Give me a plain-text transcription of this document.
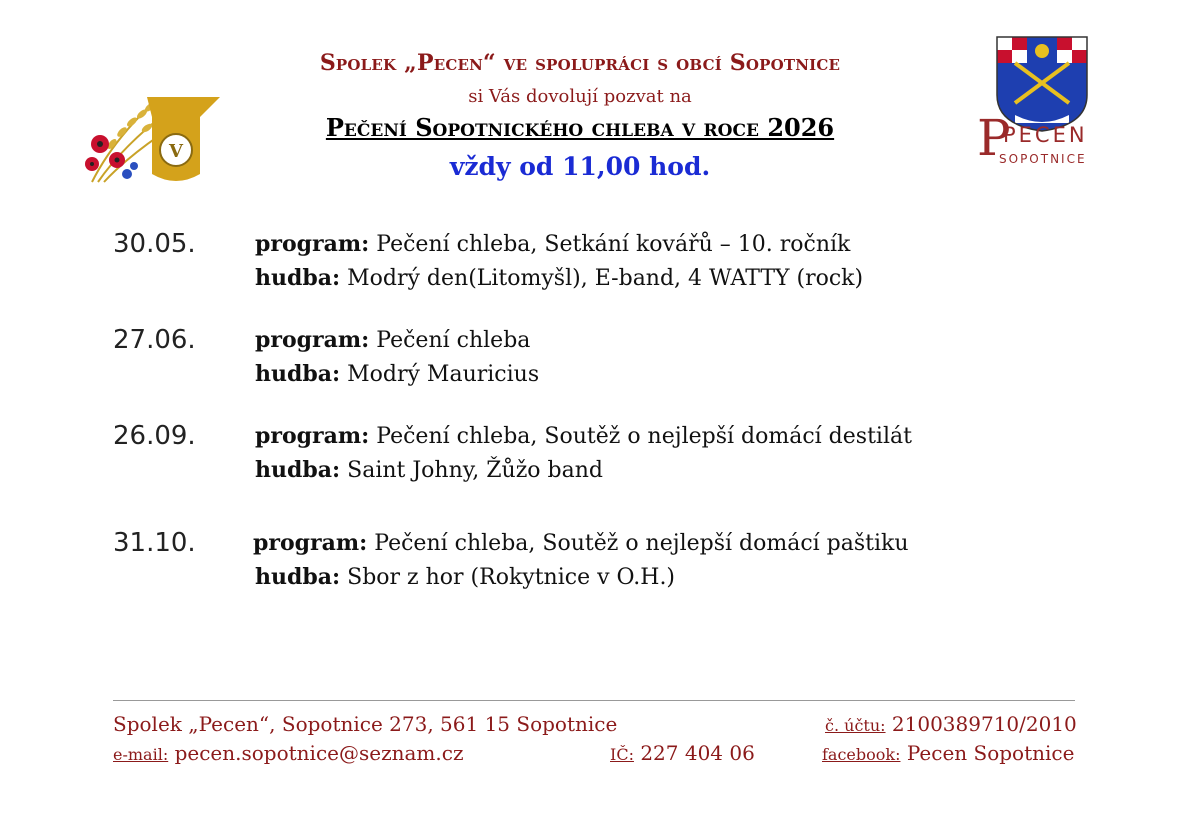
Spolek „Pecen“ ve spolupráci s obcí Sopotnice
si Vás dovolují pozvat na
Pečení Sopotnického chleba v roce 2026
vždy od 11,00 hod.
V	P
PECEN
SOPOTNICE
30.05.	program: Pečení chleba, Setkání kovářů – 10. ročník
hudba: Modrý den(Litomyšl), E-band, 4 WATTY (rock)
27.06.	program: Pečení chleba
hudba: Modrý Mauricius
26.09.	program: Pečení chleba, Soutěž o nejlepší domácí destilát
hudba: Saint Johny, Žůžo band
31.10.	program: Pečení chleba, Soutěž o nejlepší domácí paštiku
hudba: Sbor z hor (Rokytnice v O.H.)
Spolek „Pecen“, Sopotnice 273, 561 15 Sopotnice	č. účtu: 2100389710/2010
e-mail: pecen.sopotnice@seznam.cz	IČ: 227 404 06	facebook: Pecen Sopotnice
